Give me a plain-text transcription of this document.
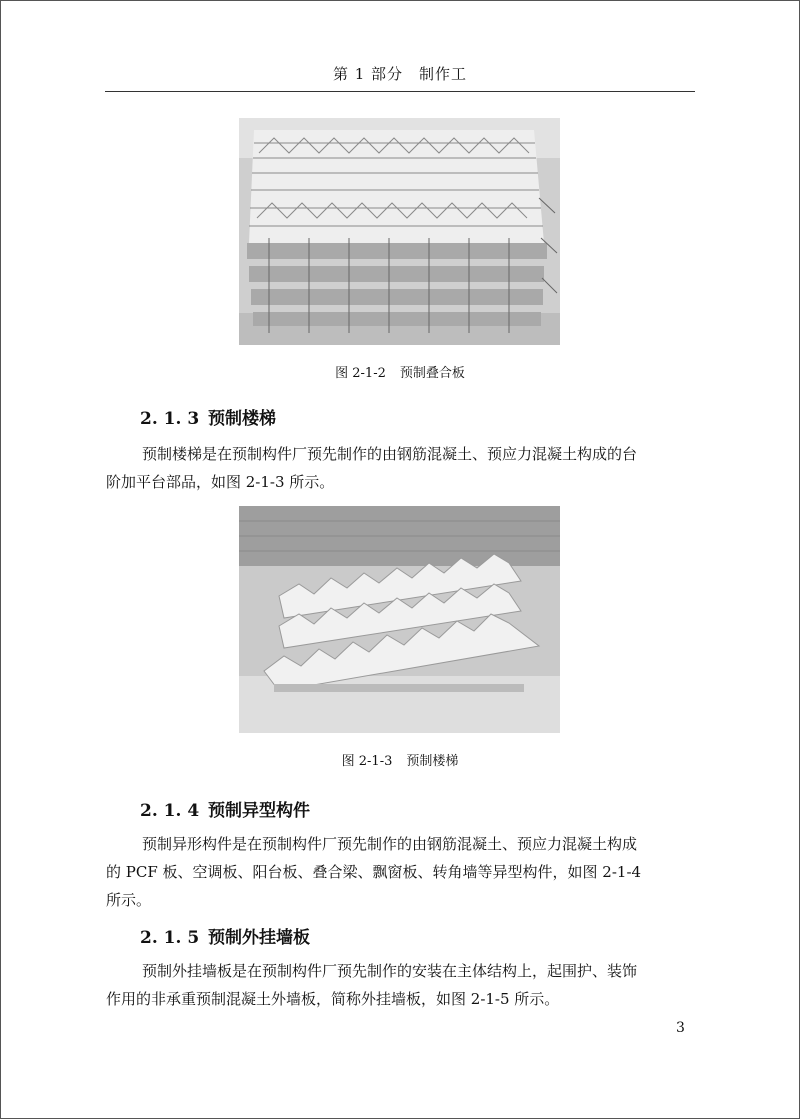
第 1 部分　制作工
图 2-1-2 预制叠合板
2. 1. 3 预制楼梯
预制楼梯是在预制构件厂预先制作的由钢筋混凝土、预应力混凝土构成的台
阶加平台部品，如图 2-1-3 所示。
图 2-1-3 预制楼梯
2. 1. 4 预制异型构件
预制异形构件是在预制构件厂预先制作的由钢筋混凝土、预应力混凝土构成
的 PCF 板、空调板、阳台板、叠合梁、飘窗板、转角墙等异型构件，如图 2-1-4
所示。
2. 1. 5 预制外挂墙板
预制外挂墙板是在预制构件厂预先制作的安装在主体结构上，起围护、装饰
作用的非承重预制混凝土外墙板，简称外挂墙板，如图 2-1-5 所示。
3
